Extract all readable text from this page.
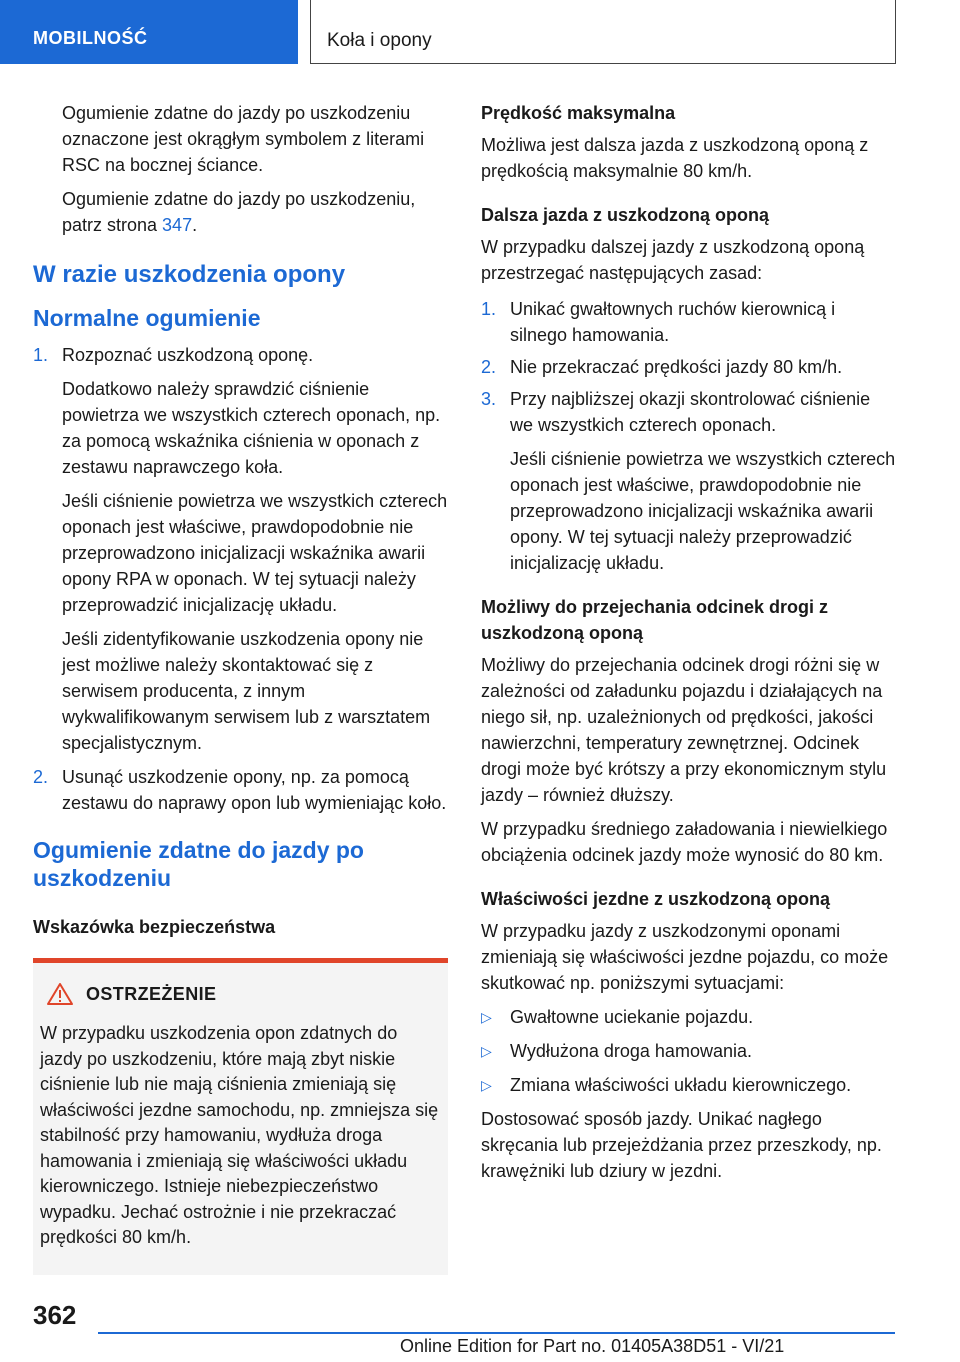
MOBILNOŚĆ	Koła i opony

Ogumienie zdatne do jazdy po uszkodzeniu oznaczone jest okrągłym symbolem z literami RSC na bocznej ściance.

Ogumienie zdatne do jazdy po uszkodzeniu, patrz strona 347.

W razie uszkodzenia opony
Normalne ogumienie
1. Rozpoznać uszkodzoną oponę.
Dodatkowo należy sprawdzić ciśnienie powietrza we wszystkich czterech oponach, np. za pomocą wskaźnika ciśnienia w oponach z zestawu naprawczego koła.
Jeśli ciśnienie powietrza we wszystkich czterech oponach jest właściwe, prawdopodobnie nie przeprowadzono inicjalizacji wskaźnika awarii opony RPA w oponach. W tej sytuacji należy przeprowadzić inicjalizację układu.
Jeśli zidentyfikowanie uszkodzenia opony nie jest możliwe należy skontaktować się z serwisem producenta, z innym wykwalifikowanym serwisem lub z warsztatem specjalistycznym.
2. Usunąć uszkodzenie opony, np. za pomocą zestawu do naprawy opon lub wymieniając koło.
Ogumienie zdatne do jazdy po uszkodzeniu
Wskazówka bezpieczeństwa
OSTRZEŻENIE
W przypadku uszkodzenia opon zdatnych do jazdy po uszkodzeniu, które mają zbyt niskie ciśnienie lub nie mają ciśnienia zmieniają się właściwości jezdne samochodu, np. zmniejsza się stabilność przy hamowaniu, wydłuża droga hamowania i zmieniają się właściwości układu kierowniczego. Istnieje niebezpieczeństwo wypadku. Jechać ostrożnie i nie przekraczać prędkości 80 km/h.
Prędkość maksymalna

Możliwa jest dalsza jazda z uszkodzoną oponą z prędkością maksymalnie 80 km/h.

Dalsza jazda z uszkodzoną oponą

W przypadku dalszej jazdy z uszkodzoną oponą przestrzegać następujących zasad:

1. Unikać gwałtownych ruchów kierownicą i silnego hamowania.
2. Nie przekraczać prędkości jazdy 80 km/h.
3. Przy najbliższej okazji skontrolować ciśnienie we wszystkich czterech oponach.
Jeśli ciśnienie powietrza we wszystkich czterech oponach jest właściwe, prawdopodobnie nie przeprowadzono inicjalizacji wskaźnika awarii opony. W tej sytuacji należy przeprowadzić inicjalizację układu.
Możliwy do przejechania odcinek drogi z uszkodzoną oponą

Możliwy do przejechania odcinek drogi różni się w zależności od załadunku pojazdu i działających na niego sił, np. uzależnionych od prędkości, jakości nawierzchni, temperatury zewnętrznej. Odcinek drogi może być krótszy a przy ekonomicznym stylu jazdy – również dłuższy.

W przypadku średniego załadowania i niewielkiego obciążenia odcinek jazdy może wynosić do 80 km.

Właściwości jezdne z uszkodzoną oponą

W przypadku jazdy z uszkodzonymi oponami zmieniają się właściwości jezdne pojazdu, co może skutkować np. poniższymi sytuacjami:

▷ Gwałtowne uciekanie pojazdu.
▷ Wydłużona droga hamowania.
▷ Zmiana właściwości układu kierowniczego.

Dostosować sposób jazdy. Unikać nagłego skręcania lub przejeżdżania przez przeszkody, np. krawężniki lub dziury w jezdni.

362
Online Edition for Part no. 01405A38D51 - VI/21
